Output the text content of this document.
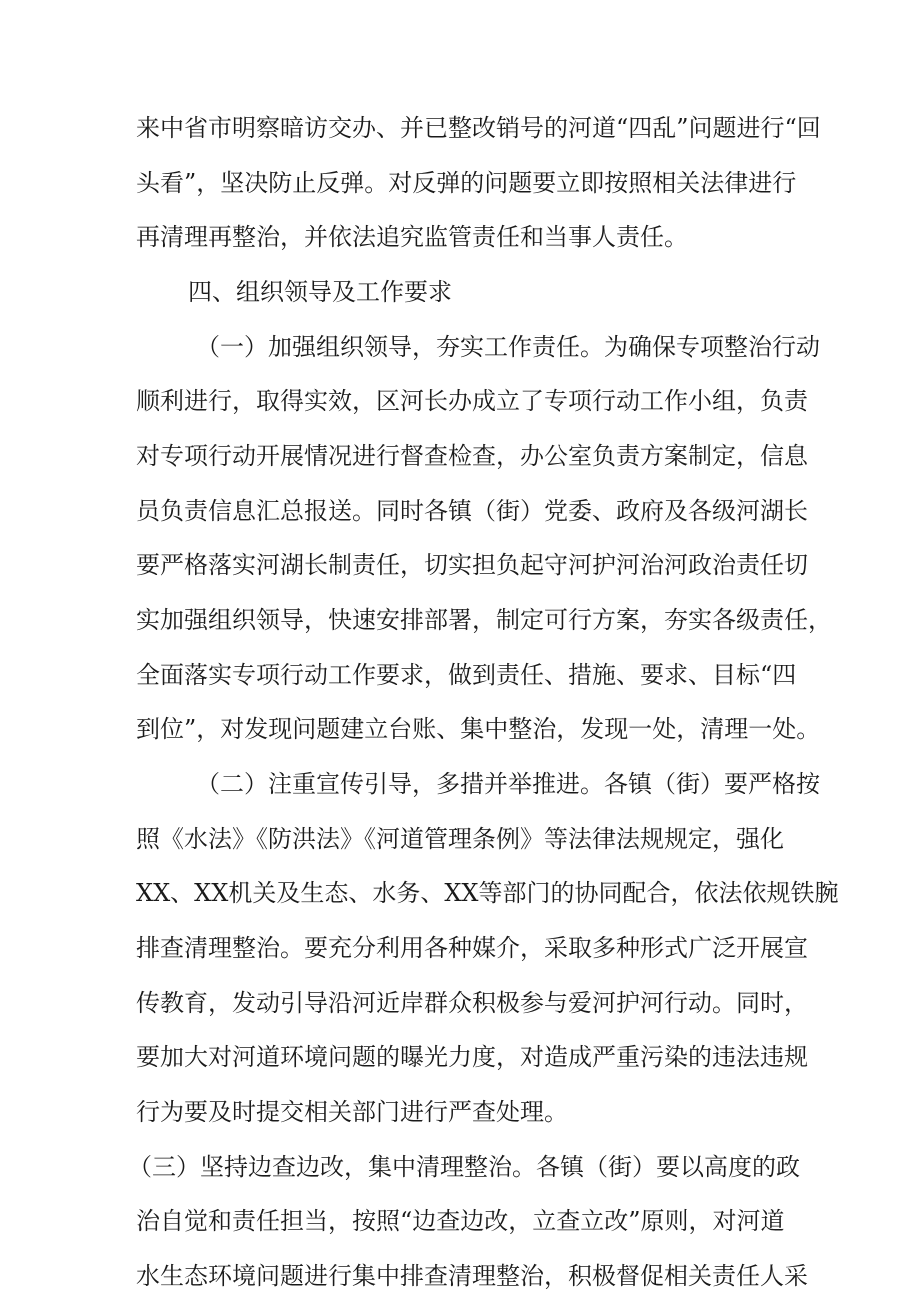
来中省市明察暗访交办、并已整改销号的河道“四乱”问题进行“回
头看”，坚决防止反弹。对反弹的问题要立即按照相关法律进行
再清理再整治，并依法追究监管责任和当事人责任。
四、组织领导及工作要求
（一）加强组织领导，夯实工作责任。为确保专项整治行动
顺利进行，取得实效，区河长办成立了专项行动工作小组，负责
对专项行动开展情况进行督查检查，办公室负责方案制定，信息
员负责信息汇总报送。同时各镇（街）党委、政府及各级河湖长
要严格落实河湖长制责任，切实担负起守河护河治河政治责任切
实加强组织领导，快速安排部署，制定可行方案，夯实各级责任，
全面落实专项行动工作要求，做到责任、措施、要求、目标“四
到位”，对发现问题建立台账、集中整治，发现一处，清理一处。
（二）注重宣传引导，多措并举推进。各镇（街）要严格按
照《水法》《防洪法》《河道管理条例》等法律法规规定，强化
XX、XX机关及生态、水务、XX等部门的协同配合，依法依规铁腕
排查清理整治。要充分利用各种媒介，采取多种形式广泛开展宣
传教育，发动引导沿河近岸群众积极参与爱河护河行动。同时，
要加大对河道环境问题的曝光力度，对造成严重污染的违法违规
行为要及时提交相关部门进行严查处理。
（三）坚持边查边改，集中清理整治。各镇（街）要以高度的政
治自觉和责任担当，按照“边查边改，立查立改”原则，对河道
水生态环境问题进行集中排查清理整治，积极督促相关责任人采
